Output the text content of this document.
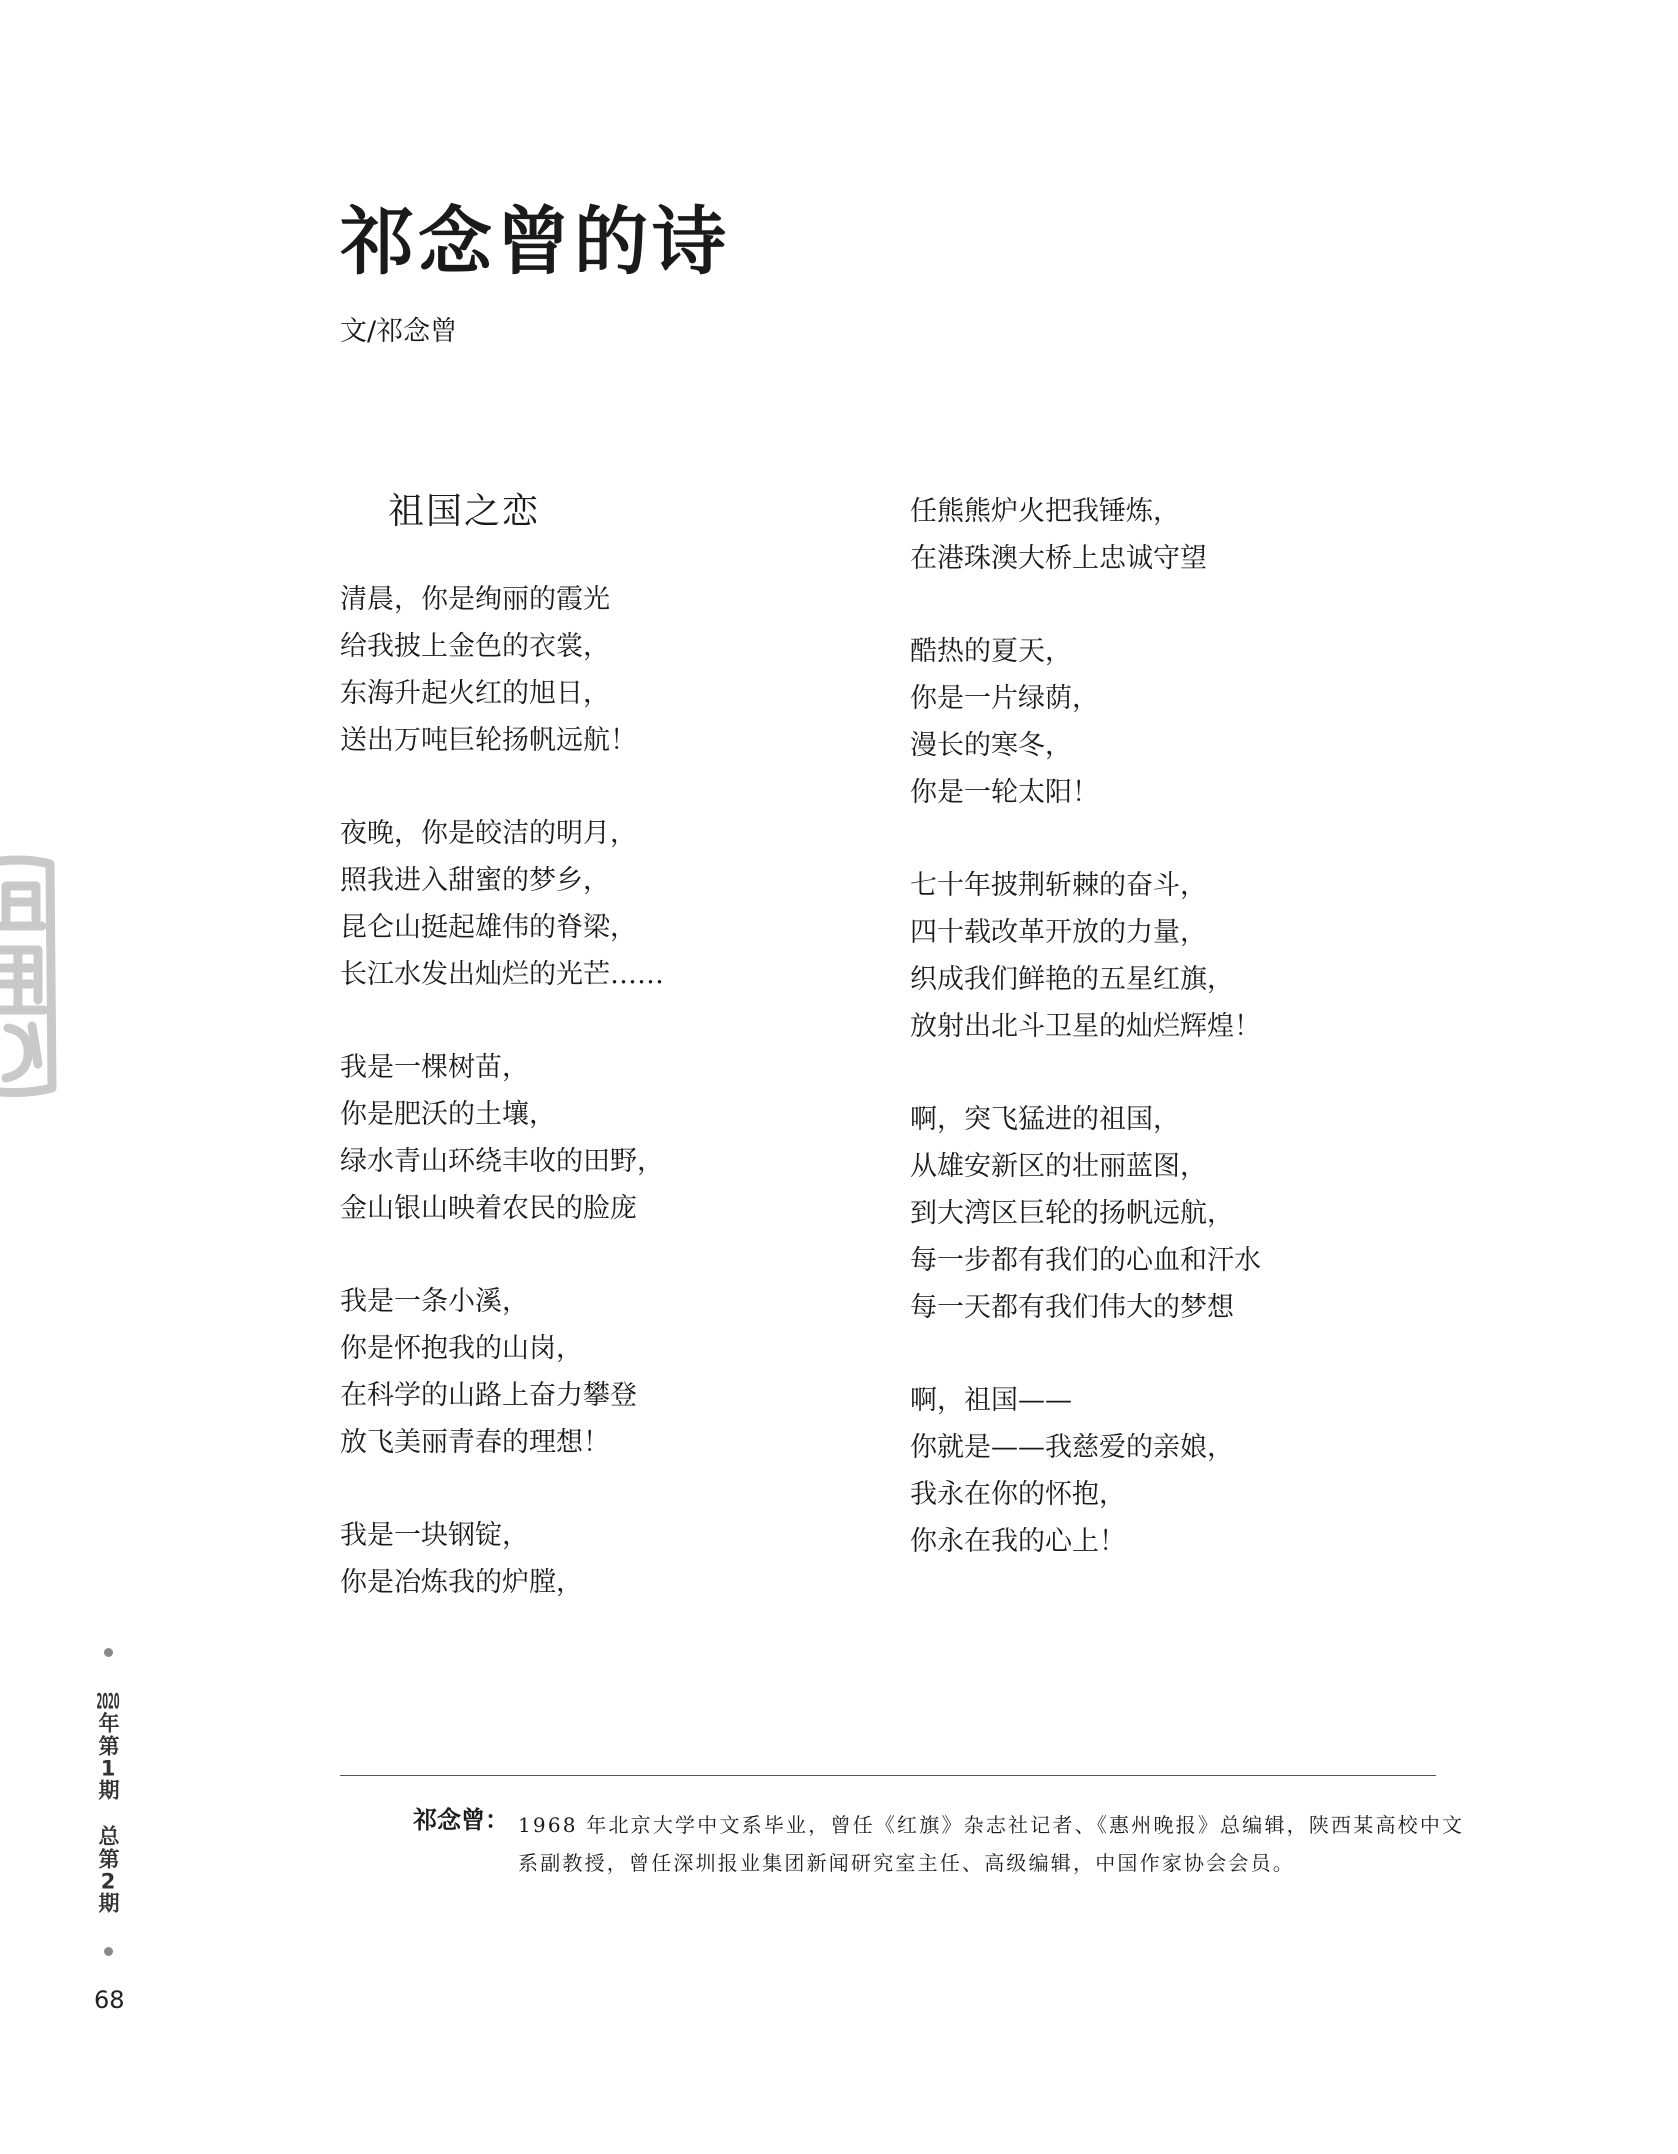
祁念曾的诗
文/祁念曾
祖国之恋
清晨，你是绚丽的霞光
给我披上金色的衣裳，
东海升起火红的旭日，
送出万吨巨轮扬帆远航！
夜晚，你是皎洁的明月，
照我进入甜蜜的梦乡，
昆仑山挺起雄伟的脊梁，
长江水发出灿烂的光芒……
我是一棵树苗，
你是肥沃的土壤，
绿水青山环绕丰收的田野，
金山银山映着农民的脸庞
我是一条小溪，
你是怀抱我的山岗，
在科学的山路上奋力攀登
放飞美丽青春的理想！
我是一块钢锭，
你是冶炼我的炉膛，
任熊熊炉火把我锤炼，
在港珠澳大桥上忠诚守望
酷热的夏天，
你是一片绿荫，
漫长的寒冬，
你是一轮太阳！
七十年披荆斩棘的奋斗，
四十载改革开放的力量，
织成我们鲜艳的五星红旗，
放射出北斗卫星的灿烂辉煌！
啊，突飞猛进的祖国，
从雄安新区的壮丽蓝图，
到大湾区巨轮的扬帆远航，
每一步都有我们的心血和汗水
每一天都有我们伟大的梦想
啊，祖国——
你就是——我慈爱的亲娘，
我永在你的怀抱，
你永在我的心上！
祁念曾： 1968 年北京大学中文系毕业，曾任《红旗》杂志社记者、《惠州晚报》总编辑，陕西某高校中文
系副教授，曾任深圳报业集团新闻研究室主任、高级编辑，中国作家协会会员。
2020年第1期　总第2期
68
